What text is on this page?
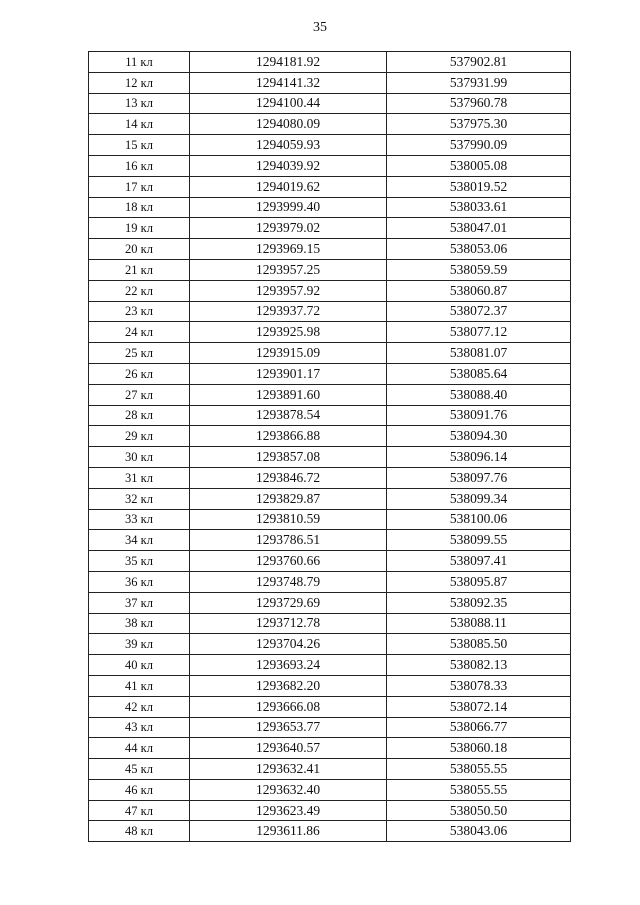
35
11 кл	1294181.92	537902.81
12 кл	1294141.32	537931.99
13 кл	1294100.44	537960.78
14 кл	1294080.09	537975.30
15 кл	1294059.93	537990.09
16 кл	1294039.92	538005.08
17 кл	1294019.62	538019.52
18 кл	1293999.40	538033.61
19 кл	1293979.02	538047.01
20 кл	1293969.15	538053.06
21 кл	1293957.25	538059.59
22 кл	1293957.92	538060.87
23 кл	1293937.72	538072.37
24 кл	1293925.98	538077.12
25 кл	1293915.09	538081.07
26 кл	1293901.17	538085.64
27 кл	1293891.60	538088.40
28 кл	1293878.54	538091.76
29 кл	1293866.88	538094.30
30 кл	1293857.08	538096.14
31 кл	1293846.72	538097.76
32 кл	1293829.87	538099.34
33 кл	1293810.59	538100.06
34 кл	1293786.51	538099.55
35 кл	1293760.66	538097.41
36 кл	1293748.79	538095.87
37 кл	1293729.69	538092.35
38 кл	1293712.78	538088.11
39 кл	1293704.26	538085.50
40 кл	1293693.24	538082.13
41 кл	1293682.20	538078.33
42 кл	1293666.08	538072.14
43 кл	1293653.77	538066.77
44 кл	1293640.57	538060.18
45 кл	1293632.41	538055.55
46 кл	1293632.40	538055.55
47 кл	1293623.49	538050.50
48 кл	1293611.86	538043.06
